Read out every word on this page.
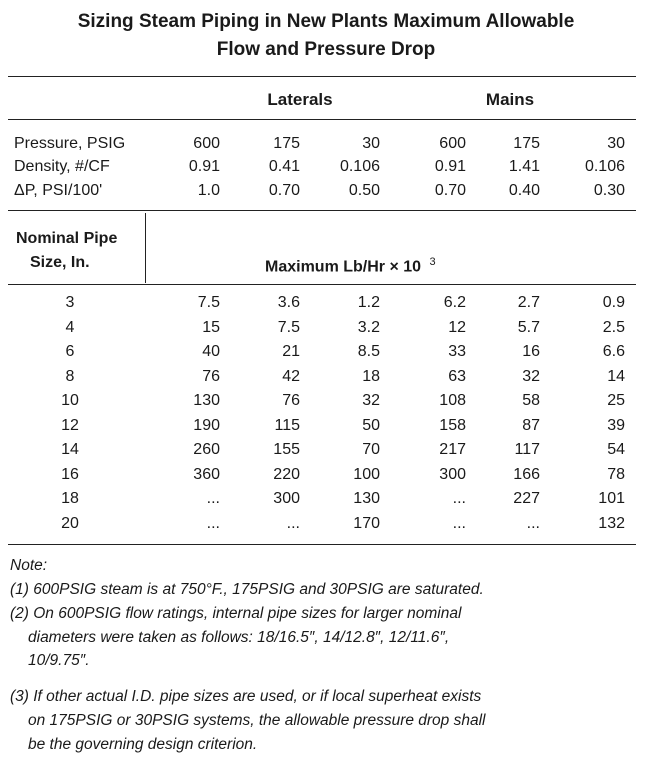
Sizing Steam Piping in New Plants Maximum Allowable
Flow and Pressure Drop
Laterals	Mains
Pressure, PSIG	600	175	30	600	175	30
Density, #/CF	0.91	0.41	0.106	0.91	1.41	0.106
ΔP, PSI/100'	1.0	0.70	0.50	0.70	0.40	0.30
Nominal Pipe
Size, In.	Maximum Lb/Hr × 10 $^3$
3	7.5	3.6	1.2	6.2	2.7	0.9
4	15	7.5	3.2	12	5.7	2.5
6	40	21	8.5	33	16	6.6
8	76	42	18	63	32	14
10	130	76	32	108	58	25
12	190	115	50	158	87	39
14	260	155	70	217	117	54
16	360	220	100	300	166	78
18	...	300	130	...	227	101
20	...	...	170	...	...	132
Note:
(1) 600PSIG steam is at 750°F., 175PSIG and 30PSIG are saturated.
(2) On 600PSIG flow ratings, internal pipe sizes for larger nominal
diameters were taken as follows: 18/16.5″, 14/12.8″, 12/11.6″,
10/9.75″.
(3) If other actual I.D. pipe sizes are used, or if local superheat exists
on 175PSIG or 30PSIG systems, the allowable pressure drop shall
be the governing design criterion.
